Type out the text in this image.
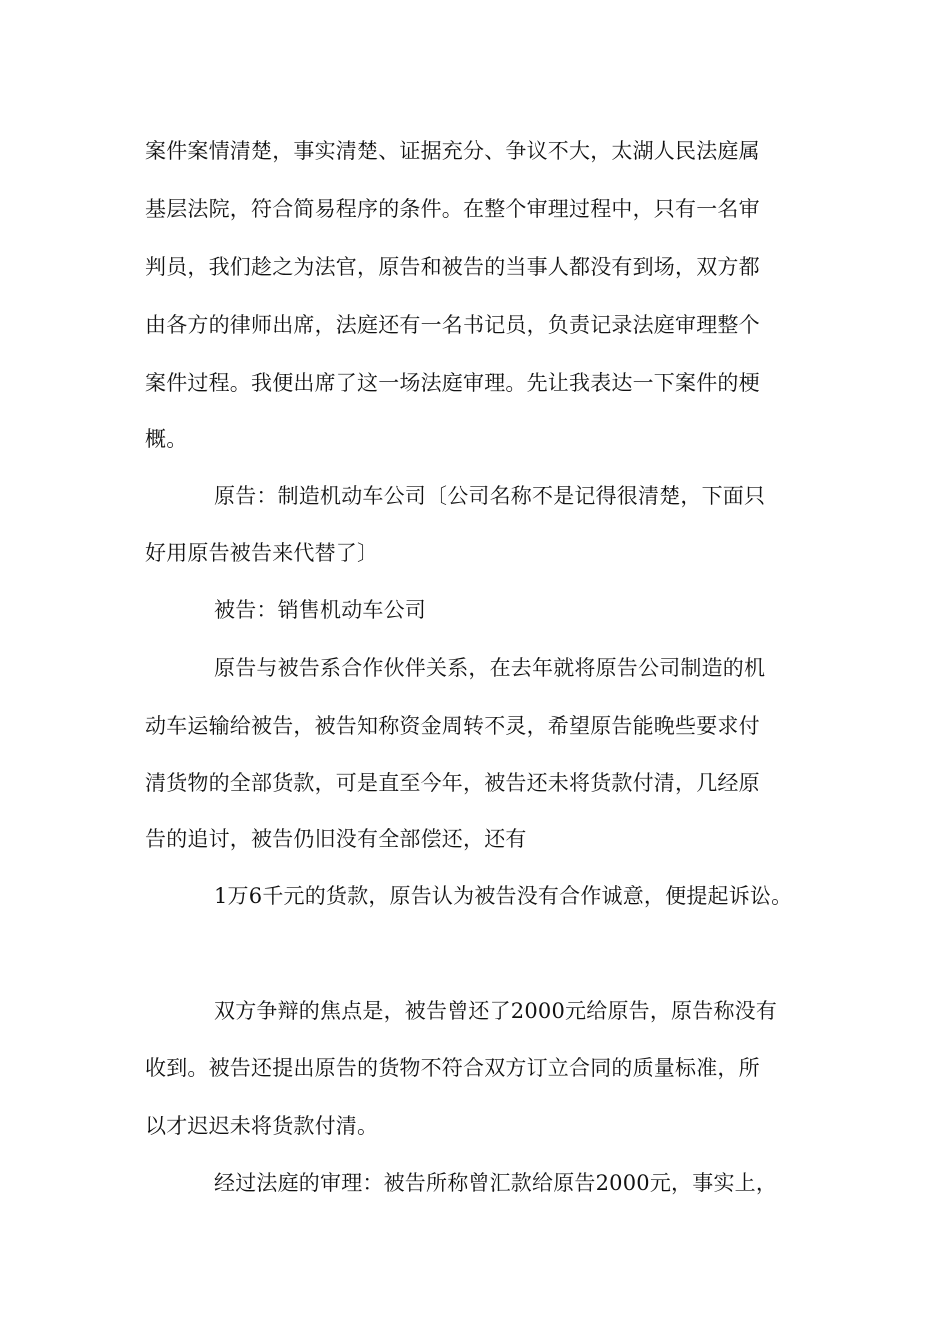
案件案情清楚，事实清楚、证据充分、争议不大，太湖人民法庭属
基层法院，符合简易程序的条件。在整个审理过程中，只有一名审
判员，我们趁之为法官，原告和被告的当事人都没有到场，双方都
由各方的律师出席，法庭还有一名书记员，负责记录法庭审理整个
案件过程。我便出席了这一场法庭审理。先让我表达一下案件的梗
概。
原告：制造机动车公司〔公司名称不是记得很清楚，下面只
好用原告被告来代替了〕
被告：销售机动车公司
原告与被告系合作伙伴关系，在去年就将原告公司制造的机
动车运输给被告，被告知称资金周转不灵，希望原告能晚些要求付
清货物的全部货款，可是直至今年，被告还未将货款付清，几经原
告的追讨，被告仍旧没有全部偿还，还有
1万6千元的货款，原告认为被告没有合作诚意，便提起诉讼。
双方争辩的焦点是，被告曾还了2000元给原告，原告称没有
收到。被告还提出原告的货物不符合双方订立合同的质量标准，所
以才迟迟未将货款付清。
经过法庭的审理：被告所称曾汇款给原告2000元，事实上，
